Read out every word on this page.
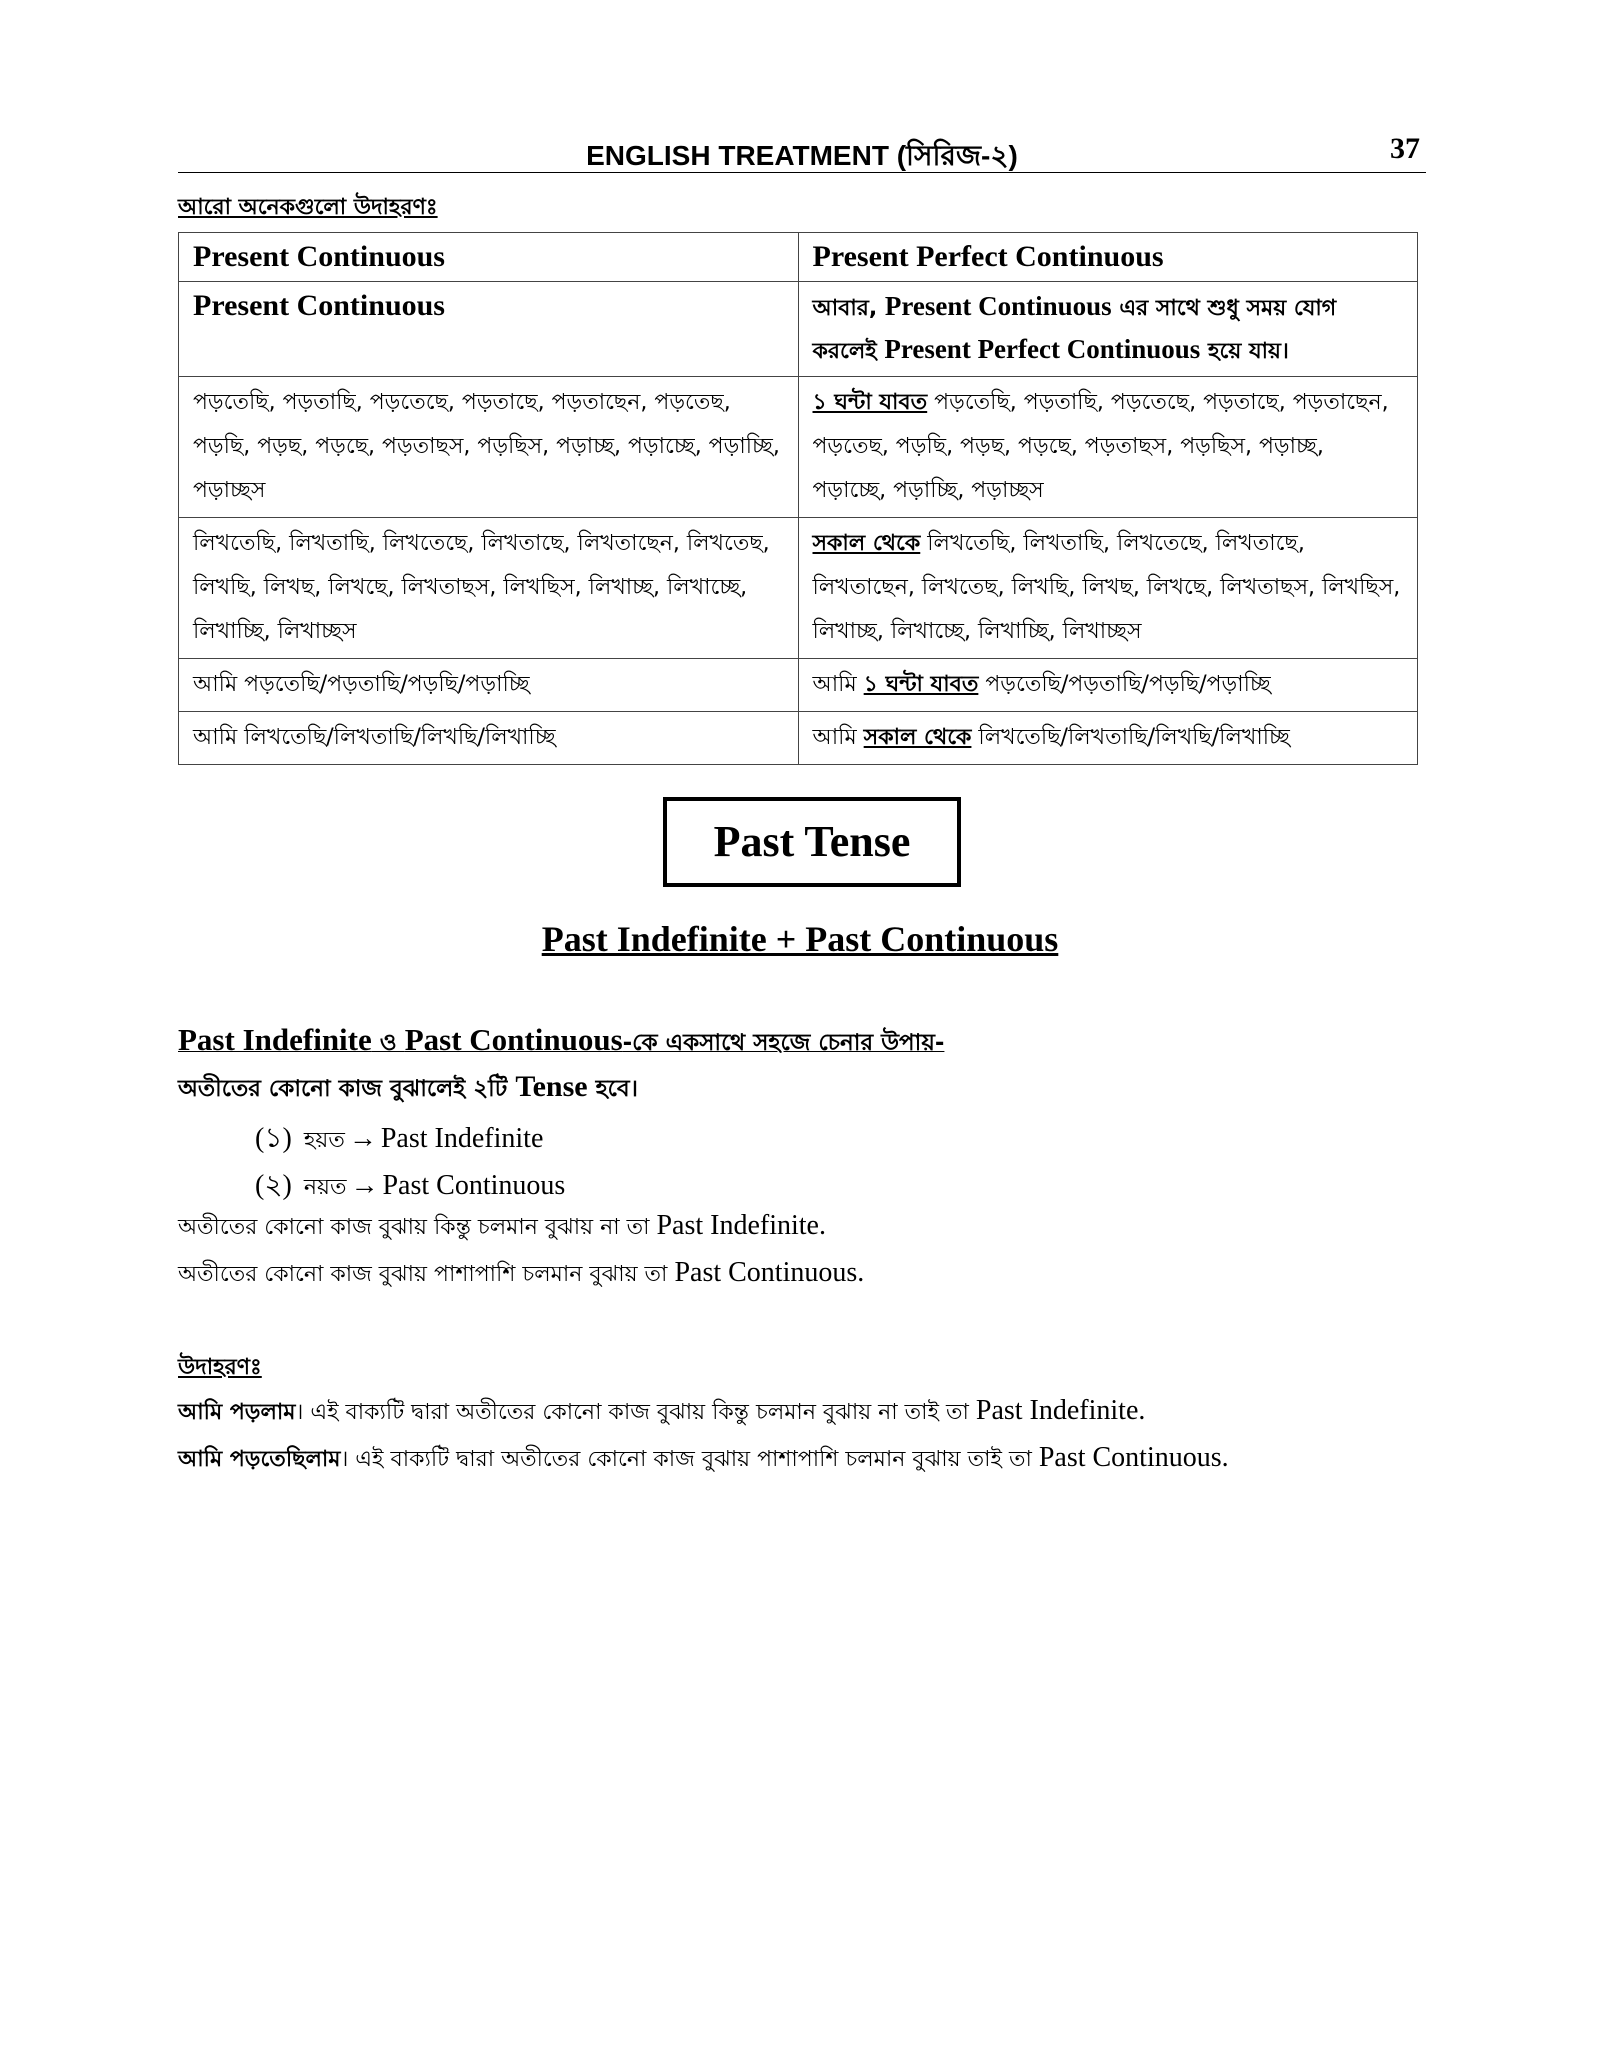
ENGLISH TREATMENT (সিরিজ-২)	37
আরো অনেকগুলো উদাহরণঃ
Present Continuous	Present Perfect Continuous
Present Continuous	আবার, Present Continuous এর সাথে শুধু সময় যোগ করলেই Present Perfect Continuous হয়ে যায়।
পড়তেছি, পড়তাছি, পড়তেছে, পড়তাছে, পড়তাছেন, পড়তেছ, পড়ছি, পড়ছ, পড়ছে, পড়তাছস, পড়ছিস, পড়াচ্ছ, পড়াচ্ছে, পড়াচ্ছি, পড়াচ্ছস	১ ঘন্টা যাবত পড়তেছি, পড়তাছি, পড়তেছে, পড়তাছে, পড়তাছেন, পড়তেছ, পড়ছি, পড়ছ, পড়ছে, পড়তাছস, পড়ছিস, পড়াচ্ছ, পড়াচ্ছে, পড়াচ্ছি, পড়াচ্ছস
লিখতেছি, লিখতাছি, লিখতেছে, লিখতাছে, লিখতাছেন, লিখতেছ, লিখছি, লিখছ, লিখছে, লিখতাছস, লিখছিস, লিখাচ্ছ, লিখাচ্ছে, লিখাচ্ছি, লিখাচ্ছস	সকাল থেকে লিখতেছি, লিখতাছি, লিখতেছে, লিখতাছে, লিখতাছেন, লিখতেছ, লিখছি, লিখছ, লিখছে, লিখতাছস, লিখছিস, লিখাচ্ছ, লিখাচ্ছে, লিখাচ্ছি, লিখাচ্ছস
আমি পড়তেছি/পড়তাছি/পড়ছি/পড়াচ্ছি	আমি ১ ঘন্টা যাবত পড়তেছি/পড়তাছি/পড়ছি/পড়াচ্ছি
আমি লিখতেছি/লিখতাছি/লিখছি/লিখাচ্ছি	আমি সকাল থেকে লিখতেছি/লিখতাছি/লিখছি/লিখাচ্ছি
Past Tense
Past Indefinite + Past Continuous
Past Indefinite ও Past Continuous-কে একসাথে সহজে চেনার উপায়-
অতীতের কোনো কাজ বুঝালেই ২টি Tense হবে।
(১) হয়ত → Past Indefinite
(২) নয়ত → Past Continuous
অতীতের কোনো কাজ বুঝায় কিন্তু চলমান বুঝায় না তা Past Indefinite.
অতীতের কোনো কাজ বুঝায় পাশাপাশি চলমান বুঝায় তা Past Continuous.
উদাহরণঃ
আমি পড়লাম। এই বাক্যটি দ্বারা অতীতের কোনো কাজ বুঝায় কিন্তু চলমান বুঝায় না তাই তা Past Indefinite.
আমি পড়তেছিলাম। এই বাক্যটি দ্বারা অতীতের কোনো কাজ বুঝায় পাশাপাশি চলমান বুঝায় তাই তা Past Continuous.
